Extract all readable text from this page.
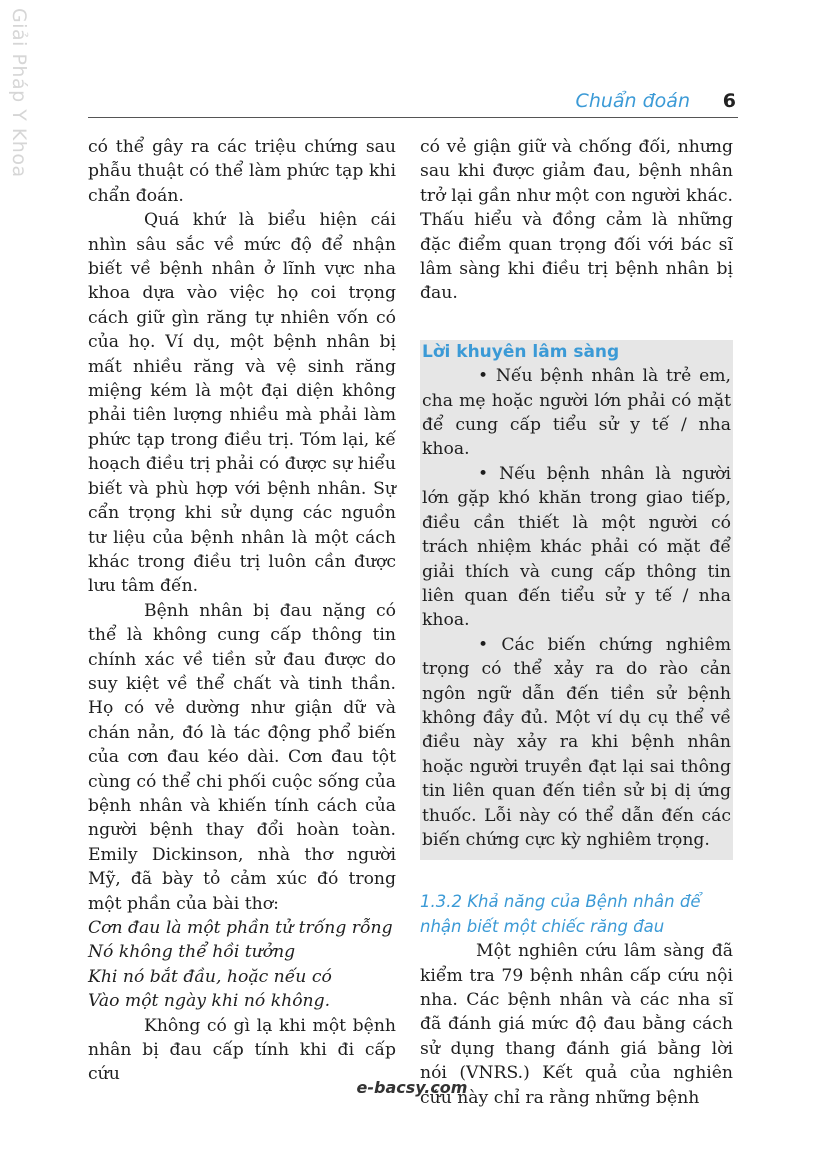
Giải Pháp Y Khoa	Chuẩn đoán 6

có thể gây ra các triệu chứng sau phẫu thuật có thể làm phức tạp khi chẩn đoán.

Quá khứ là biểu hiện cái nhìn sâu sắc về mức độ để nhận biết về bệnh nhân ở lĩnh vực nha khoa dựa vào việc họ coi trọng cách giữ gìn răng tự nhiên vốn có của họ. Ví dụ, một bệnh nhân bị mất nhiều răng và vệ sinh răng miệng kém là một đại diện không phải tiên lượng nhiều mà phải làm phức tạp trong điều trị. Tóm lại, kế hoạch điều trị phải có được sự hiểu biết và phù hợp với bệnh nhân. Sự cẩn trọng khi sử dụng các nguồn tư liệu của bệnh nhân là một cách khác trong điều trị luôn cần được lưu tâm đến.

Bệnh nhân bị đau nặng có thể là không cung cấp thông tin chính xác về tiền sử đau được do suy kiệt về thể chất và tinh thần. Họ có vẻ dường như giận dữ và chán nản, đó là tác động phổ biến của cơn đau kéo dài. Cơn đau tột cùng có thể chi phối cuộc sống của bệnh nhân và khiến tính cách của người bệnh thay đổi hoàn toàn. Emily Dickinson, nhà thơ người Mỹ, đã bày tỏ cảm xúc đó trong một phần của bài thơ:

Cơn đau là một phần tử trống rỗng
Nó không thể hồi tưởng
Khi nó bắt đầu, hoặc nếu có
Vào một ngày khi nó không.

Không có gì lạ khi một bệnh nhân bị đau cấp tính khi đi cấp cứu

có vẻ giận giữ và chống đối, nhưng sau khi được giảm đau, bệnh nhân trở lại gần như một con người khác. Thấu hiểu và đồng cảm là những đặc điểm quan trọng đối với bác sĩ lâm sàng khi điều trị bệnh nhân bị đau.

Lời khuyên lâm sàng

• Nếu bệnh nhân là trẻ em, cha mẹ hoặc người lớn phải có mặt để cung cấp tiểu sử y tế / nha khoa.

• Nếu bệnh nhân là người lớn gặp khó khăn trong giao tiếp, điều cần thiết là một người có trách nhiệm khác phải có mặt để giải thích và cung cấp thông tin liên quan đến tiểu sử y tế / nha khoa.

• Các biến chứng nghiêm trọng có thể xảy ra do rào cản ngôn ngữ dẫn đến tiền sử bệnh không đầy đủ. Một ví dụ cụ thể về điều này xảy ra khi bệnh nhân hoặc người truyền đạt lại sai thông tin liên quan đến tiền sử bị dị ứng thuốc. Lỗi này có thể dẫn đến các biến chứng cực kỳ nghiêm trọng.

1.3.2 Khả năng của Bệnh nhân để nhận biết một chiếc răng đau

Một nghiên cứu lâm sàng đã kiểm tra 79 bệnh nhân cấp cứu nội nha. Các bệnh nhân và các nha sĩ đã đánh giá mức độ đau bằng cách sử dụng thang đánh giá bằng lời nói (VNRS.) Kết quả của nghiên cứu này chỉ ra rằng những bệnh

e-bacsy.com
